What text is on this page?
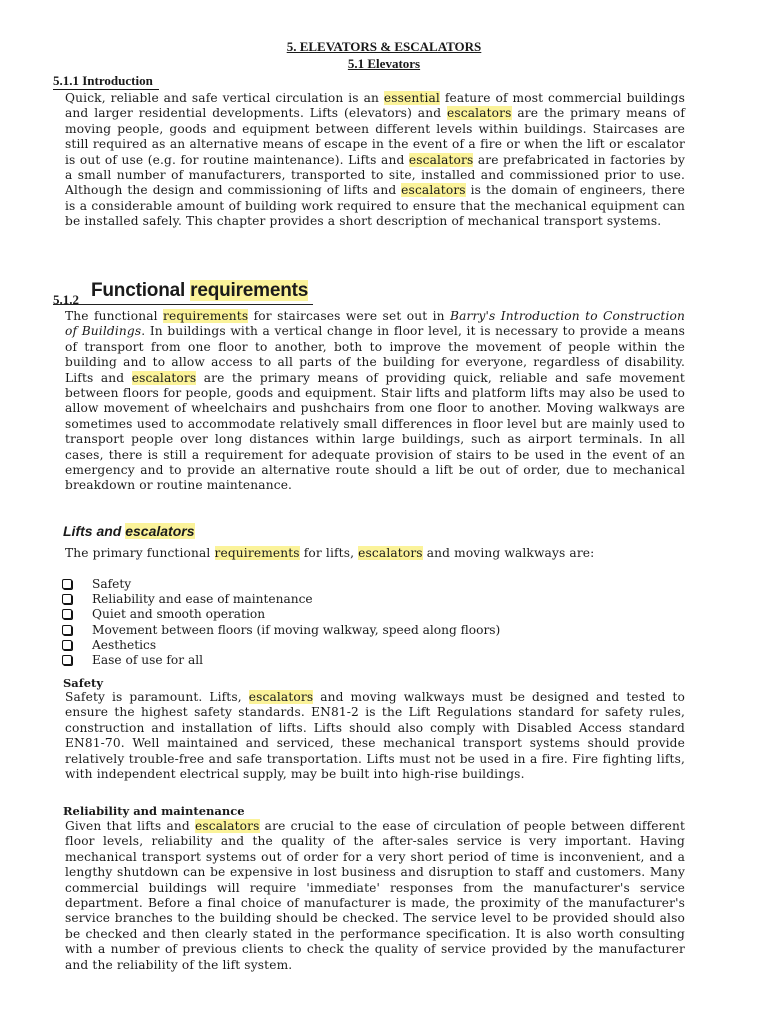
5. ELEVATORS & ESCALATORS
5.1 Elevators
5.1.1 Introduction

Quick, reliable and safe vertical circulation is an essential feature of most commercial buildings and larger residential developments. Lifts (elevators) and escalators are the primary means of moving people, goods and equipment between different levels within buildings. Staircases are still required as an alternative means of escape in the event of a fire or when the lift or escalator is out of use (e.g. for routine maintenance). Lifts and escalators are prefabricated in factories by a small number of manufacturers, transported to site, installed and commissioned prior to use. Although the design and commissioning of lifts and escalators is the domain of engineers, there is a considerable amount of building work required to ensure that the mechanical equipment can be installed safely. This chapter provides a short description of mechanical transport systems.

5.1.2 Functional requirements

The functional requirements for staircases were set out in Barry's Introduction to Construction of Buildings. In buildings with a vertical change in floor level, it is necessary to provide a means of transport from one floor to another, both to improve the movement of people within the building and to allow access to all parts of the building for everyone, regardless of disability. Lifts and escalators are the primary means of providing quick, reliable and safe movement between floors for people, goods and equipment. Stair lifts and platform lifts may also be used to allow movement of wheelchairs and pushchairs from one floor to another. Moving walkways are sometimes used to accommodate relatively small differences in floor level but are mainly used to transport people over long distances within large buildings, such as airport terminals. In all cases, there is still a requirement for adequate provision of stairs to be used in the event of an emergency and to provide an alternative route should a lift be out of order, due to mechanical breakdown or routine maintenance.

Lifts and escalators

The primary functional requirements for lifts, escalators and moving walkways are:

Safety
Reliability and ease of maintenance
Quiet and smooth operation
Movement between floors (if moving walkway, speed along floors)
Aesthetics
Ease of use for all
Safety

Safety is paramount. Lifts, escalators and moving walkways must be designed and tested to ensure the highest safety standards. EN81-2 is the Lift Regulations standard for safety rules, construction and installation of lifts. Lifts should also comply with Disabled Access standard EN81-70. Well maintained and serviced, these mechanical transport systems should provide relatively trouble-free and safe transportation. Lifts must not be used in a fire. Fire fighting lifts, with independent electrical supply, may be built into high-rise buildings.

Reliability and maintenance

Given that lifts and escalators are crucial to the ease of circulation of people between different floor levels, reliability and the quality of the after-sales service is very important. Having mechanical transport systems out of order for a very short period of time is inconvenient, and a lengthy shutdown can be expensive in lost business and disruption to staff and customers. Many commercial buildings will require 'immediate' responses from the manufacturer's service department. Before a final choice of manufacturer is made, the proximity of the manufacturer's service branches to the building should be checked. The service level to be provided should also be checked and then clearly stated in the performance specification. It is also worth consulting with a number of previous clients to check the quality of service provided by the manufacturer and the reliability of the lift system.
